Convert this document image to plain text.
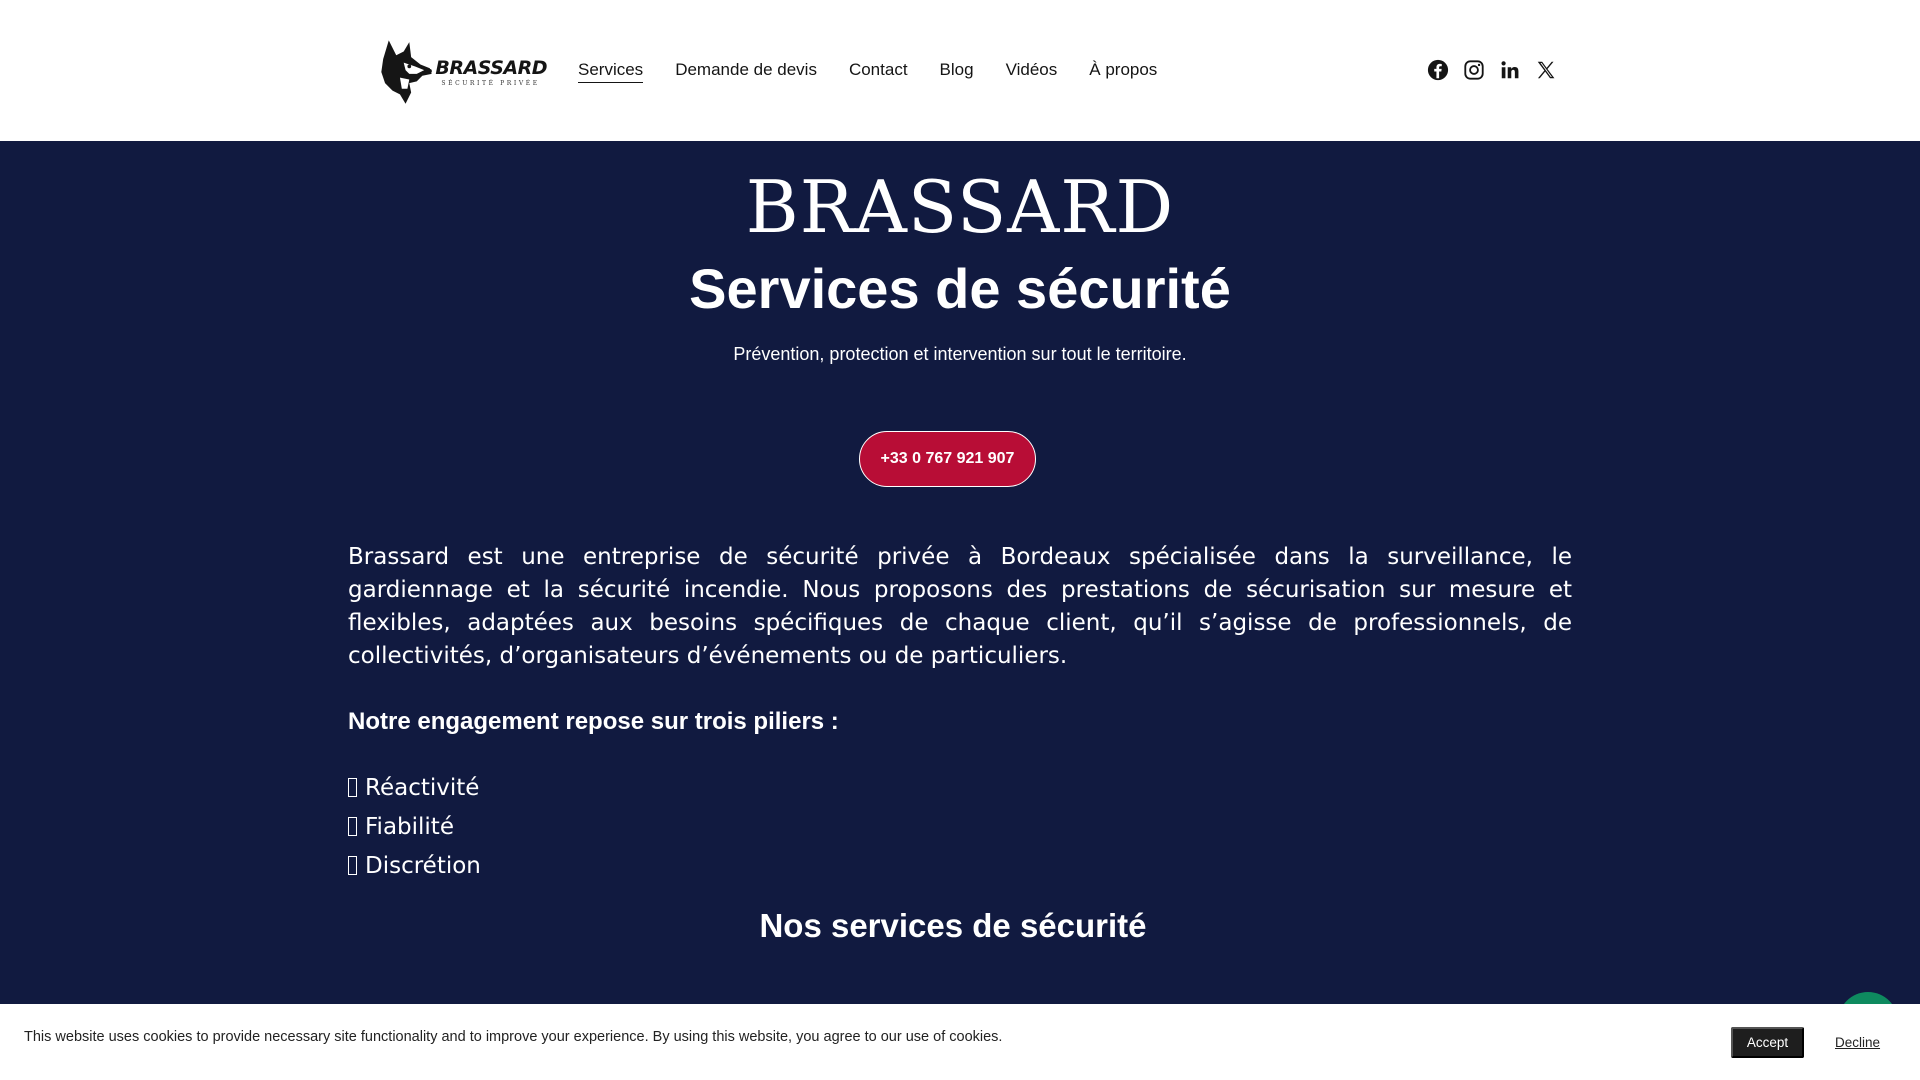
BRASSARD
SÉCURITÉ PRIVÉE
Services Demande de devis Contact Blog Vidéos À propos
BRASSARD
Services de sécurité

Prévention, protection et intervention sur tout le territoire.

+33 0 767 921 907

Brassard est une entreprise de sécurité privée à Bordeaux spécialisée dans la surveillance, le gardiennage et la sécurité incendie. Nous proposons des prestations de sécurisation sur mesure et flexibles, adaptées aux besoins spécifiques de chaque client, qu’il s’agisse de professionnels, de collectivités, d’organisateurs d’événements ou de particuliers.

Notre engagement repose sur trois piliers :
Réactivité
Fiabilité
Discrétion
Nos services de sécurité

This website uses cookies to provide necessary site functionality and to improve your experience. By using this website, you agree to our use of cookies.	Accept	Decline
